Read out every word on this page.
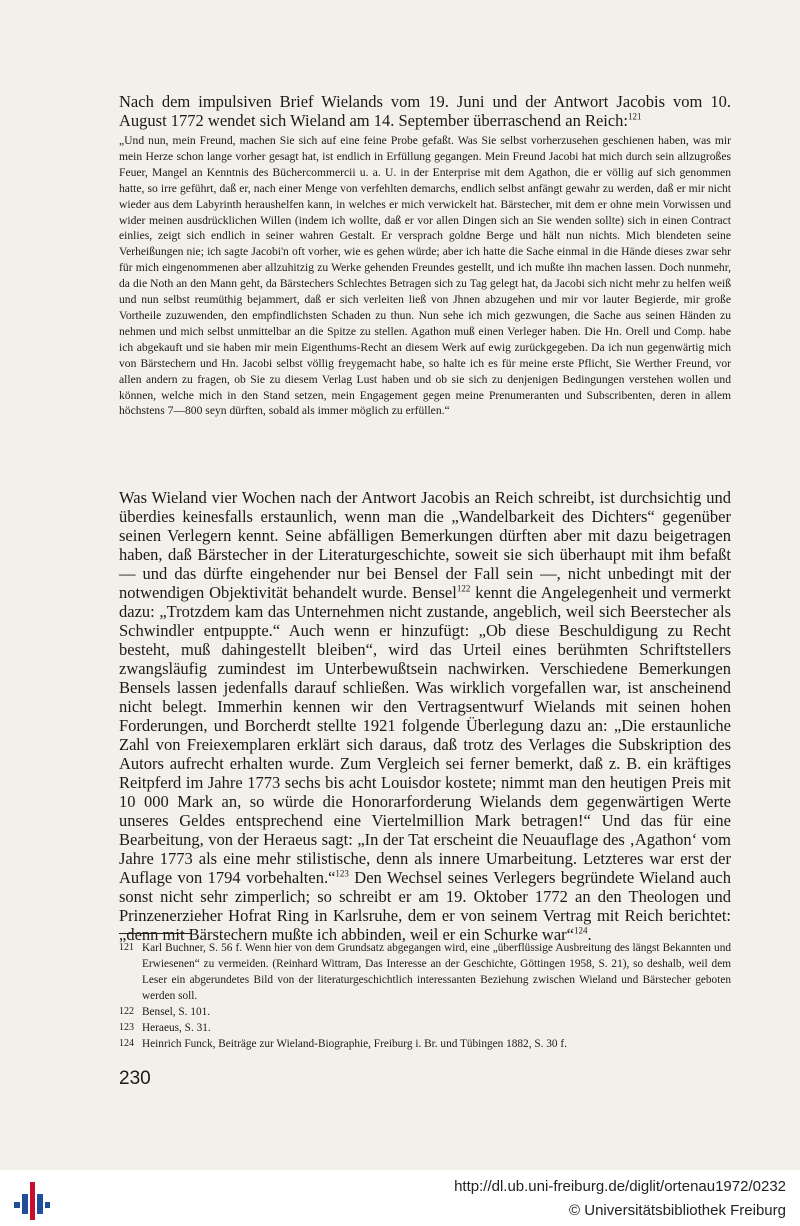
Nach dem impulsiven Brief Wielands vom 19. Juni und der Antwort Jacobis vom 10. August 1772 wendet sich Wieland am 14. September überraschend an Reich:$^{121}$
„Und nun, mein Freund, machen Sie sich auf eine feine Probe gefaßt. Was Sie selbst vorherzusehen geschienen haben, was mir mein Herze schon lange vorher gesagt hat, ist endlich in Erfüllung gegangen. Mein Freund Jacobi hat mich durch sein allzugroßes Feuer, Mangel an Kenntnis des Büchercommercii u. a. U. in der Enterprise mit dem Agathon, die er völlig auf sich genommen hatte, so irre geführt, daß er, nach einer Menge von verfehlten demarchs, endlich selbst anfängt gewahr zu werden, daß er mir nicht wieder aus dem Labyrinth heraushelfen kann, in welches er mich verwickelt hat. Bärstecher, mit dem er ohne mein Vorwissen und wider meinen ausdrücklichen Willen (indem ich wollte, daß er vor allen Dingen sich an Sie wenden sollte) sich in einen Contract einlies, zeigt sich endlich in seiner wahren Gestalt. Er versprach goldne Berge und hält nun nichts. Mich blendeten seine Verheißungen nie; ich sagte Jacobi'n oft vorher, wie es gehen würde; aber ich hatte die Sache einmal in die Hände dieses zwar sehr für mich eingenommenen aber allzuhitzig zu Werke gehenden Freundes gestellt, und ich mußte ihn machen lassen. Doch nunmehr, da die Noth an den Mann geht, da Bärstechers Schlechtes Betragen sich zu Tag gelegt hat, da Jacobi sich nicht mehr zu helfen weiß und nun selbst reumüthig bejammert, daß er sich verleiten ließ von Jhnen abzugehen und mir vor lauter Begierde, mir große Vortheile zuzuwenden, den empfindlichsten Schaden zu thun. Nun sehe ich mich gezwungen, die Sache aus seinen Händen zu nehmen und mich selbst unmittelbar an die Spitze zu stellen. Agathon muß einen Verleger haben. Die Hn. Orell und Comp. habe ich abgekauft und sie haben mir mein Eigenthums-Recht an diesem Werk auf ewig zurückgegeben. Da ich nun gegenwärtig mich von Bärstechern und Hn. Jacobi selbst völlig freygemacht habe, so halte ich es für meine erste Pflicht, Sie Werther Freund, vor allen andern zu fragen, ob Sie zu diesem Verlag Lust haben und ob sie sich zu denjenigen Bedingungen verstehen wollen und können, welche mich in den Stand setzen, mein Engagement gegen meine Prenumeranten und Subscribenten, deren in allem höchstens 7—800 seyn dürften, sobald als immer möglich zu erfüllen.“
Was Wieland vier Wochen nach der Antwort Jacobis an Reich schreibt, ist durchsichtig und überdies keinesfalls erstaunlich, wenn man die „Wandelbarkeit des Dichters“ gegenüber seinen Verlegern kennt. Seine abfälligen Bemerkungen dürften aber mit dazu beigetragen haben, daß Bärstecher in der Literaturgeschichte, soweit sie sich überhaupt mit ihm befaßt — und das dürfte eingehender nur bei Bensel der Fall sein —, nicht unbedingt mit der notwendigen Objektivität behandelt wurde. Bensel$^{122}$ kennt die Angelegenheit und vermerkt dazu: „Trotzdem kam das Unternehmen nicht zustande, angeblich, weil sich Beerstecher als Schwindler entpuppte.“ Auch wenn er hinzufügt: „Ob diese Beschuldigung zu Recht besteht, muß dahingestellt bleiben“, wird das Urteil eines berühmten Schriftstellers zwangsläufig zumindest im Unterbewußtsein nachwirken. Verschiedene Bemerkungen Bensels lassen jedenfalls darauf schließen. Was wirklich vorgefallen war, ist anscheinend nicht belegt. Immerhin kennen wir den Vertragsentwurf Wielands mit seinen hohen Forderungen, und Borcherdt stellte 1921 folgende Überlegung dazu an: „Die erstaunliche Zahl von Freiexemplaren erklärt sich daraus, daß trotz des Verlages die Subskription des Autors aufrecht erhalten wurde. Zum Vergleich sei ferner bemerkt, daß z. B. ein kräftiges Reitpferd im Jahre 1773 sechs bis acht Louisdor kostete; nimmt man den heutigen Preis mit 10 000 Mark an, so würde die Honorarforderung Wielands dem gegenwärtigen Werte unseres Geldes entsprechend eine Viertelmillion Mark betragen!“ Und das für eine Bearbeitung, von der Heraeus sagt: „In der Tat erscheint die Neuauflage des ‚Agathon‘ vom Jahre 1773 als eine mehr stilistische, denn als innere Umarbeitung. Letzteres war erst der Auflage von 1794 vorbehalten.“$^{123}$ Den Wechsel seines Verlegers begründete Wieland auch sonst nicht sehr zimperlich; so schreibt er am 19. Oktober 1772 an den Theologen und Prinzenerzieher Hofrat Ring in Karlsruhe, dem er von seinem Vertrag mit Reich berichtet: „denn mit Bärstechern mußte ich abbinden, weil er ein Schurke war“$^{124}$.
121 Karl Buchner, S. 56 f. Wenn hier von dem Grundsatz abgegangen wird, eine „überflüssige Ausbreitung des längst Bekannten und Erwiesenen“ zu vermeiden. (Reinhard Wittram, Das Interesse an der Geschichte, Göttingen 1958, S. 21), so deshalb, weil dem Leser ein abgerundetes Bild von der literaturgeschichtlich interessanten Beziehung zwischen Wieland und Bärstecher geboten werden soll.
122 Bensel, S. 101.
123 Heraeus, S. 31.
124 Heinrich Funck, Beiträge zur Wieland-Biographie, Freiburg i. Br. und Tübingen 1882, S. 30 f.
230
http://dl.ub.uni-freiburg.de/diglit/ortenau1972/0232
© Universitätsbibliothek Freiburg
